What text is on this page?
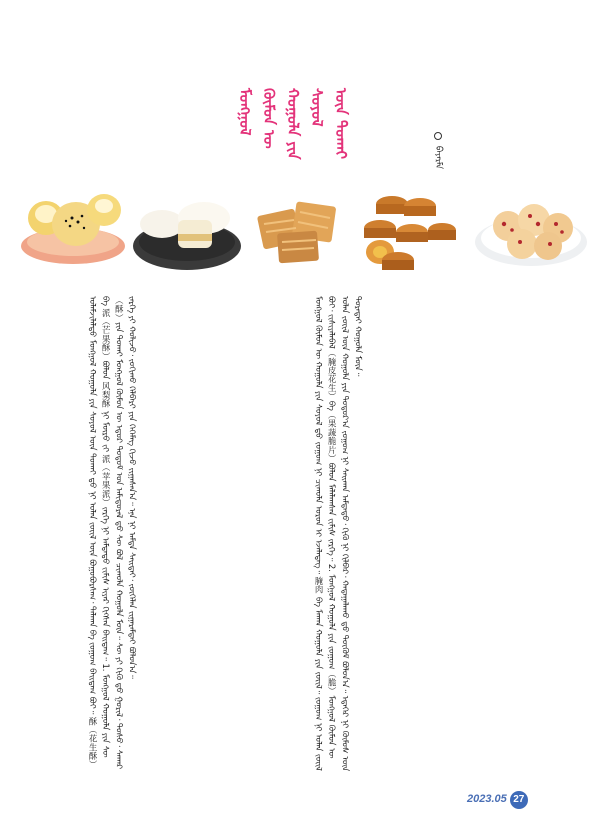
ᠮᠣᠩᠭᠣᠯ ᠬᠦᠮᠦᠨ ᠦ ᠬᠣᠭᠣᠯᠠ ᠶᠢᠨ ᠰᠣᠶᠣᠯ ᠦᠨ ᠲᠤᠬᠠᠢ	ᠪᠠᠶᠠᠷᠮᠠ
ᠤᠯᠠᠮᠵᠢᠯᠠᠯᠲᠤ ᠮᠣᠩᠭᠣᠯ ᠬᠣᠭᠣᠯᠠ ᠶᠢᠨ ᠰᠣᠶᠣᠯ ᠦᠨ ᠲᠤᠬᠠᠢ ᠳ᠋ᠤ ᠨᠢ ᠣᠯᠠᠨ ᠵᠦᠢᠯ ᠦᠨ ᠪᠣᠭᠣᠪᠣᠷᠰᠠᠭ᠂ ᠲᠠᠯᠬᠠᠨ ᠪᠠ ᠵᠣᠭᠣᠭ ᠪᠠᠢᠳᠠᠭ ᠪᠤᠢ᠃ 酥（花生酥）ᠪᠠ 派（芒果酥）ᠪᠣᠯᠣᠨ 风梨酥 ᠨᠢ ᠮᠥᠷᠥ ᠵᠢ 派（苹果派）ᠵᠡᠷᠭᠡ ᠨᠢ ᠠᠮᠲᠠᠲᠤ ᠵᠢᠮᠢᠰ ᠢᠶᠡᠷ ᠬᠢᠭᠰᠡᠨ ᠪᠠᠢᠳᠠᠭ᠃ 1. ᠮᠣᠩᠭᠣᠯ ᠬᠣᠭᠣᠯᠠ ᠶᠢᠨ ᠰᠦ（酥）ᠶᠢᠨ ᠲᠤᠬᠠᠢ ᠮᠣᠩᠭᠣᠯ ᠬᠦᠮᠦᠨ ᠦ ᠡᠳᠦᠷ ᠲᠤᠲᠤᠮ ᠤᠨ ᠠᠮᠢᠳᠤᠷᠠᠯ ᠳ᠋ᠤ ᠰᠦ ᠪᠣᠯ ᠴᠢᠬᠤᠯᠠ ᠬᠣᠭᠣᠯᠠ ᠮᠥᠨ᠃ ᠰᠦ ᠶᠢ ᠬᠢᠬᠦ ᠳ᠋ᠤ ᠭᠤᠷᠢᠯ᠂ ᠲᠣᠰᠣ᠂ ᠰᠠᠬᠠᠷ ᠵᠡᠷᠭᠡ ᠶᠢ ᠬᠣᠯᠢᠵᠤ᠂ ᠵᠣᠬᠢᠬᠤ ᠬᠡᠯᠪᠡᠷᠢ ᠶᠢᠨ ᠬᠡᠭᠡᠮᠡᠭ ᠬᠢᠵᠦ ᠵᠢᠭᠠᠰᠠᠨ᠎ᠠ᠃ ᠡᠨᠡ ᠨᠢ ᠠᠮᠲᠠ ᠰᠠᠢᠲᠠᠢ᠂ ᠵᠥᠭᠡᠯᠡᠨ ᠵᠢᠭᠠᠷᠠᠮᠲᠠᠢ ᠪᠣᠯᠣᠨ᠎ᠠ᠃	ᠮᠣᠩᠭᠣᠯ ᠬᠦᠮᠦᠨ ᠦ ᠬᠣᠭᠣᠯᠠ ᠶᠢᠨ ᠰᠣᠶᠣᠯ ᠳ᠋ᠤ ᠵᠣᠭᠣᠭ ᠨᠢ ᠴᠢᠬᠤᠯᠠ ᠣᠷᠤᠨ ᠢ ᠡᠵᠡᠯᠡᠳᠡᠭ᠃ 腌肉 ᠪᠠ ᠮᠠᠬᠠᠨ ᠬᠣᠭᠣᠯᠠ ᠶᠢᠨ ᠵᠦᠢᠯ᠃ ᠵᠣᠭᠣᠭ ᠨᠢ ᠣᠯᠠᠨ ᠵᠦᠢᠯ ᠪᠤᠢ᠂ ᠵᠢᠱᠢᠶᠡᠯᠡᠪᠡᠯ（腌皮花生）ᠪᠠ（果蔬脆片）ᠪᠣᠯᠣᠨ ᠮᠠᠯᠠᠯᠠᠭᠰᠠᠨ ᠵᠢᠮᠢᠰ ᠵᠡᠷᠭᠡ᠃ 2. ᠮᠣᠩᠭᠣᠯ ᠬᠣᠭᠣᠯᠠ ᠶᠢᠨ ᠵᠣᠭᠣᠭ（脆）ᠮᠣᠩᠭᠣᠯ ᠬᠦᠮᠦᠨ ᠦ ᠣᠯᠠᠨ ᠵᠦᠢᠯ ᠦᠨ ᠬᠣᠭᠣᠯᠠ ᠶᠢᠨ ᠳᠣᠳᠣᠷ᠎ᠠ ᠵᠣᠭᠣᠭ ᠨᠢ ᠰᠠᠢᠬᠠᠨ ᠠᠮᠲᠠᠲᠤ᠂ ᠬᠢᠬᠦ ᠨᠢ ᠬᠢᠯᠪᠠᠷ᠂ ᠬᠠᠳᠠᠭᠠᠯᠠᠬᠤ ᠳ᠋ᠤ ᠳᠥᠭᠥᠮ ᠪᠣᠯᠣᠨ᠎ᠠ᠃ ᠡᠳᠡᠭᠡᠷ ᠨᠢ ᠬᠦᠮᠦᠰ ᠦᠨ ᠳᠤᠷᠠᠲᠠᠢ ᠬᠣᠭᠣᠯᠠ ᠮᠥᠨ᠃
2023.05 27
